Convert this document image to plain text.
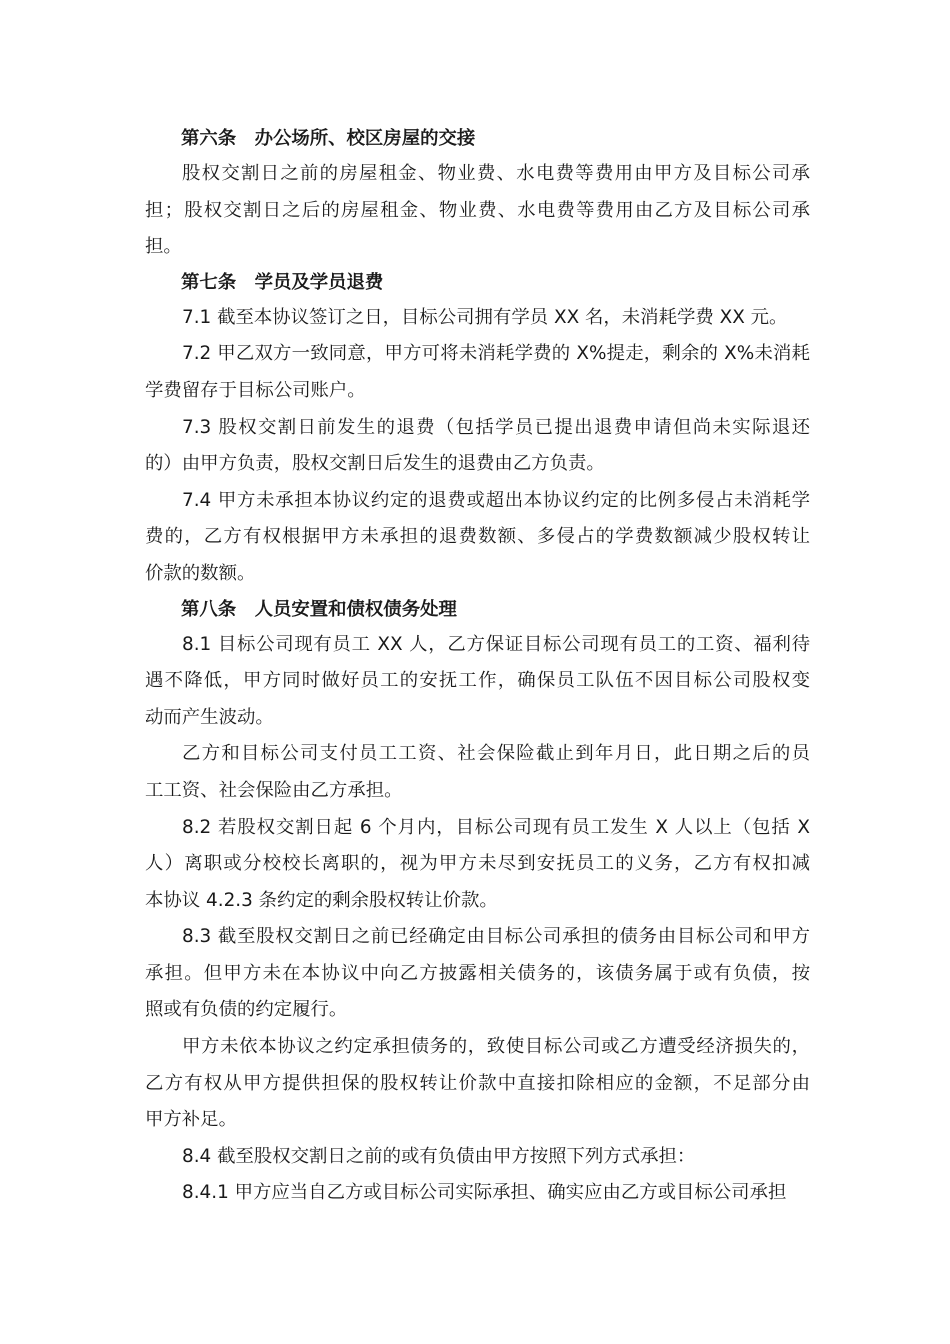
第六条　办公场所、校区房屋的交接
股权交割日之前的房屋租金、物业费、水电费等费用由甲方及目标公司承
担；股权交割日之后的房屋租金、物业费、水电费等费用由乙方及目标公司承
担。
第七条　学员及学员退费
7.1 截至本协议签订之日，目标公司拥有学员 XX 名，未消耗学费 XX 元。
7.2 甲乙双方一致同意，甲方可将未消耗学费的 X%提走，剩余的 X%未消耗
学费留存于目标公司账户。
7.3 股权交割日前发生的退费（包括学员已提出退费申请但尚未实际退还
的）由甲方负责，股权交割日后发生的退费由乙方负责。
7.4 甲方未承担本协议约定的退费或超出本协议约定的比例多侵占未消耗学
费的，乙方有权根据甲方未承担的退费数额、多侵占的学费数额减少股权转让
价款的数额。
第八条　人员安置和债权债务处理
8.1 目标公司现有员工 XX 人，乙方保证目标公司现有员工的工资、福利待
遇不降低，甲方同时做好员工的安抚工作，确保员工队伍不因目标公司股权变
动而产生波动。
乙方和目标公司支付员工工资、社会保险截止到年月日，此日期之后的员
工工资、社会保险由乙方承担。
8.2 若股权交割日起 6 个月内，目标公司现有员工发生 X 人以上（包括 X
人）离职或分校校长离职的，视为甲方未尽到安抚员工的义务，乙方有权扣减
本协议 4.2.3 条约定的剩余股权转让价款。
8.3 截至股权交割日之前已经确定由目标公司承担的债务由目标公司和甲方
承担。但甲方未在本协议中向乙方披露相关债务的，该债务属于或有负债，按
照或有负债的约定履行。
甲方未依本协议之约定承担债务的，致使目标公司或乙方遭受经济损失的，
乙方有权从甲方提供担保的股权转让价款中直接扣除相应的金额，不足部分由
甲方补足。
8.4 截至股权交割日之前的或有负债由甲方按照下列方式承担：
8.4.1 甲方应当自乙方或目标公司实际承担、确实应由乙方或目标公司承担
